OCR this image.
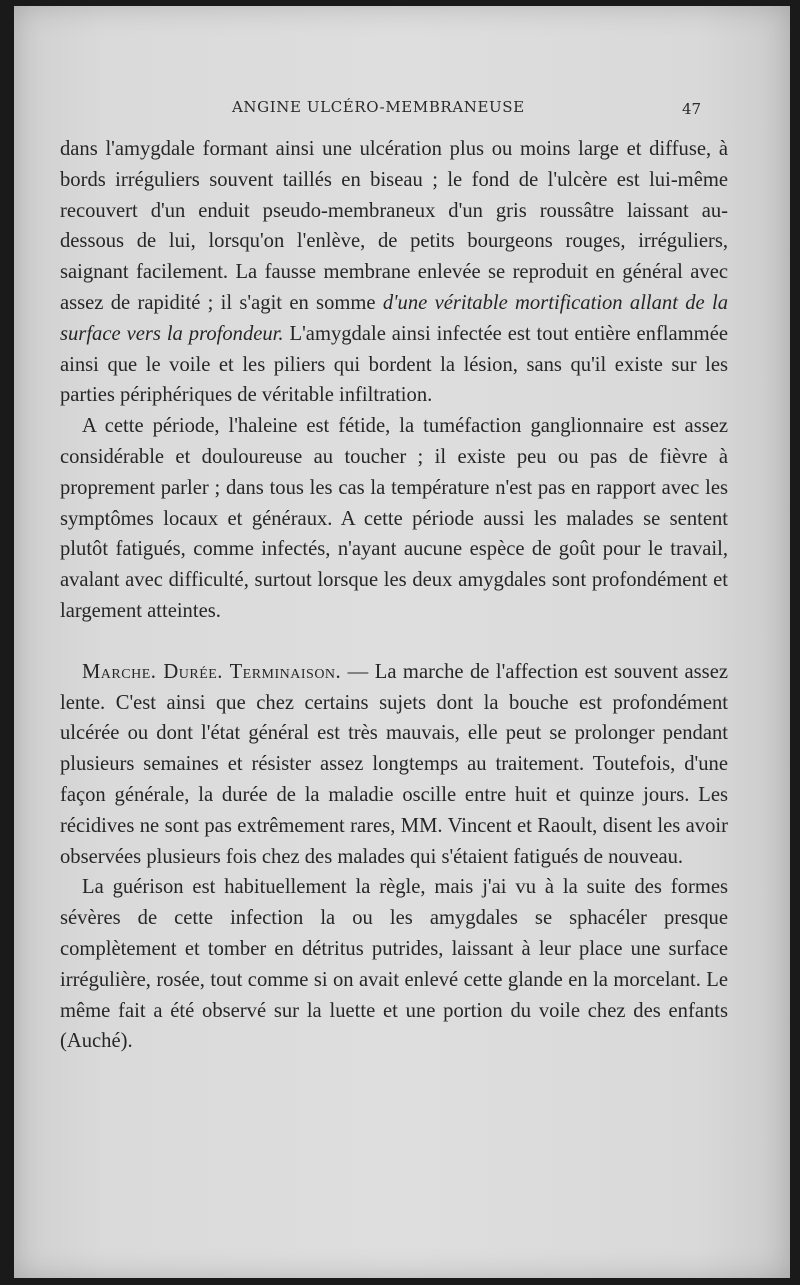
ANGINE ULCÉRO-MEMBRANEUSE	47

dans l'amygdale formant ainsi une ulcération plus ou moins large et diffuse, à bords irréguliers souvent taillés en biseau ; le fond de l'ulcère est lui-même recouvert d'un enduit pseudo-membraneux d'un gris roussâtre laissant au-dessous de lui, lorsqu'on l'enlève, de petits bourgeons rouges, irréguliers, saignant facilement. La fausse membrane enlevée se reproduit en général avec assez de rapidité ; il s'agit en somme d'une véritable mortification allant de la surface vers la profondeur. L'amygdale ainsi infectée est tout entière enflammée ainsi que le voile et les piliers qui bordent la lésion, sans qu'il existe sur les parties périphériques de véritable infiltration.

A cette période, l'haleine est fétide, la tuméfaction ganglionnaire est assez considérable et douloureuse au toucher ; il existe peu ou pas de fièvre à proprement parler ; dans tous les cas la température n'est pas en rapport avec les symptômes locaux et généraux. A cette période aussi les malades se sentent plutôt fatigués, comme infectés, n'ayant aucune espèce de goût pour le travail, avalant avec difficulté, surtout lorsque les deux amygdales sont profondément et largement atteintes.

Marche. Durée. Terminaison. — La marche de l'affection est souvent assez lente. C'est ainsi que chez certains sujets dont la bouche est profondément ulcérée ou dont l'état général est très mauvais, elle peut se prolonger pendant plusieurs semaines et résister assez longtemps au traitement. Toutefois, d'une façon générale, la durée de la maladie oscille entre huit et quinze jours. Les récidives ne sont pas extrêmement rares, MM. Vincent et Raoult, disent les avoir observées plusieurs fois chez des malades qui s'étaient fatigués de nouveau.

La guérison est habituellement la règle, mais j'ai vu à la suite des formes sévères de cette infection la ou les amygdales se sphacéler presque complètement et tomber en détritus putrides, laissant à leur place une surface irrégulière, rosée, tout comme si on avait enlevé cette glande en la morcelant. Le même fait a été observé sur la luette et une portion du voile chez des enfants (Auché).
